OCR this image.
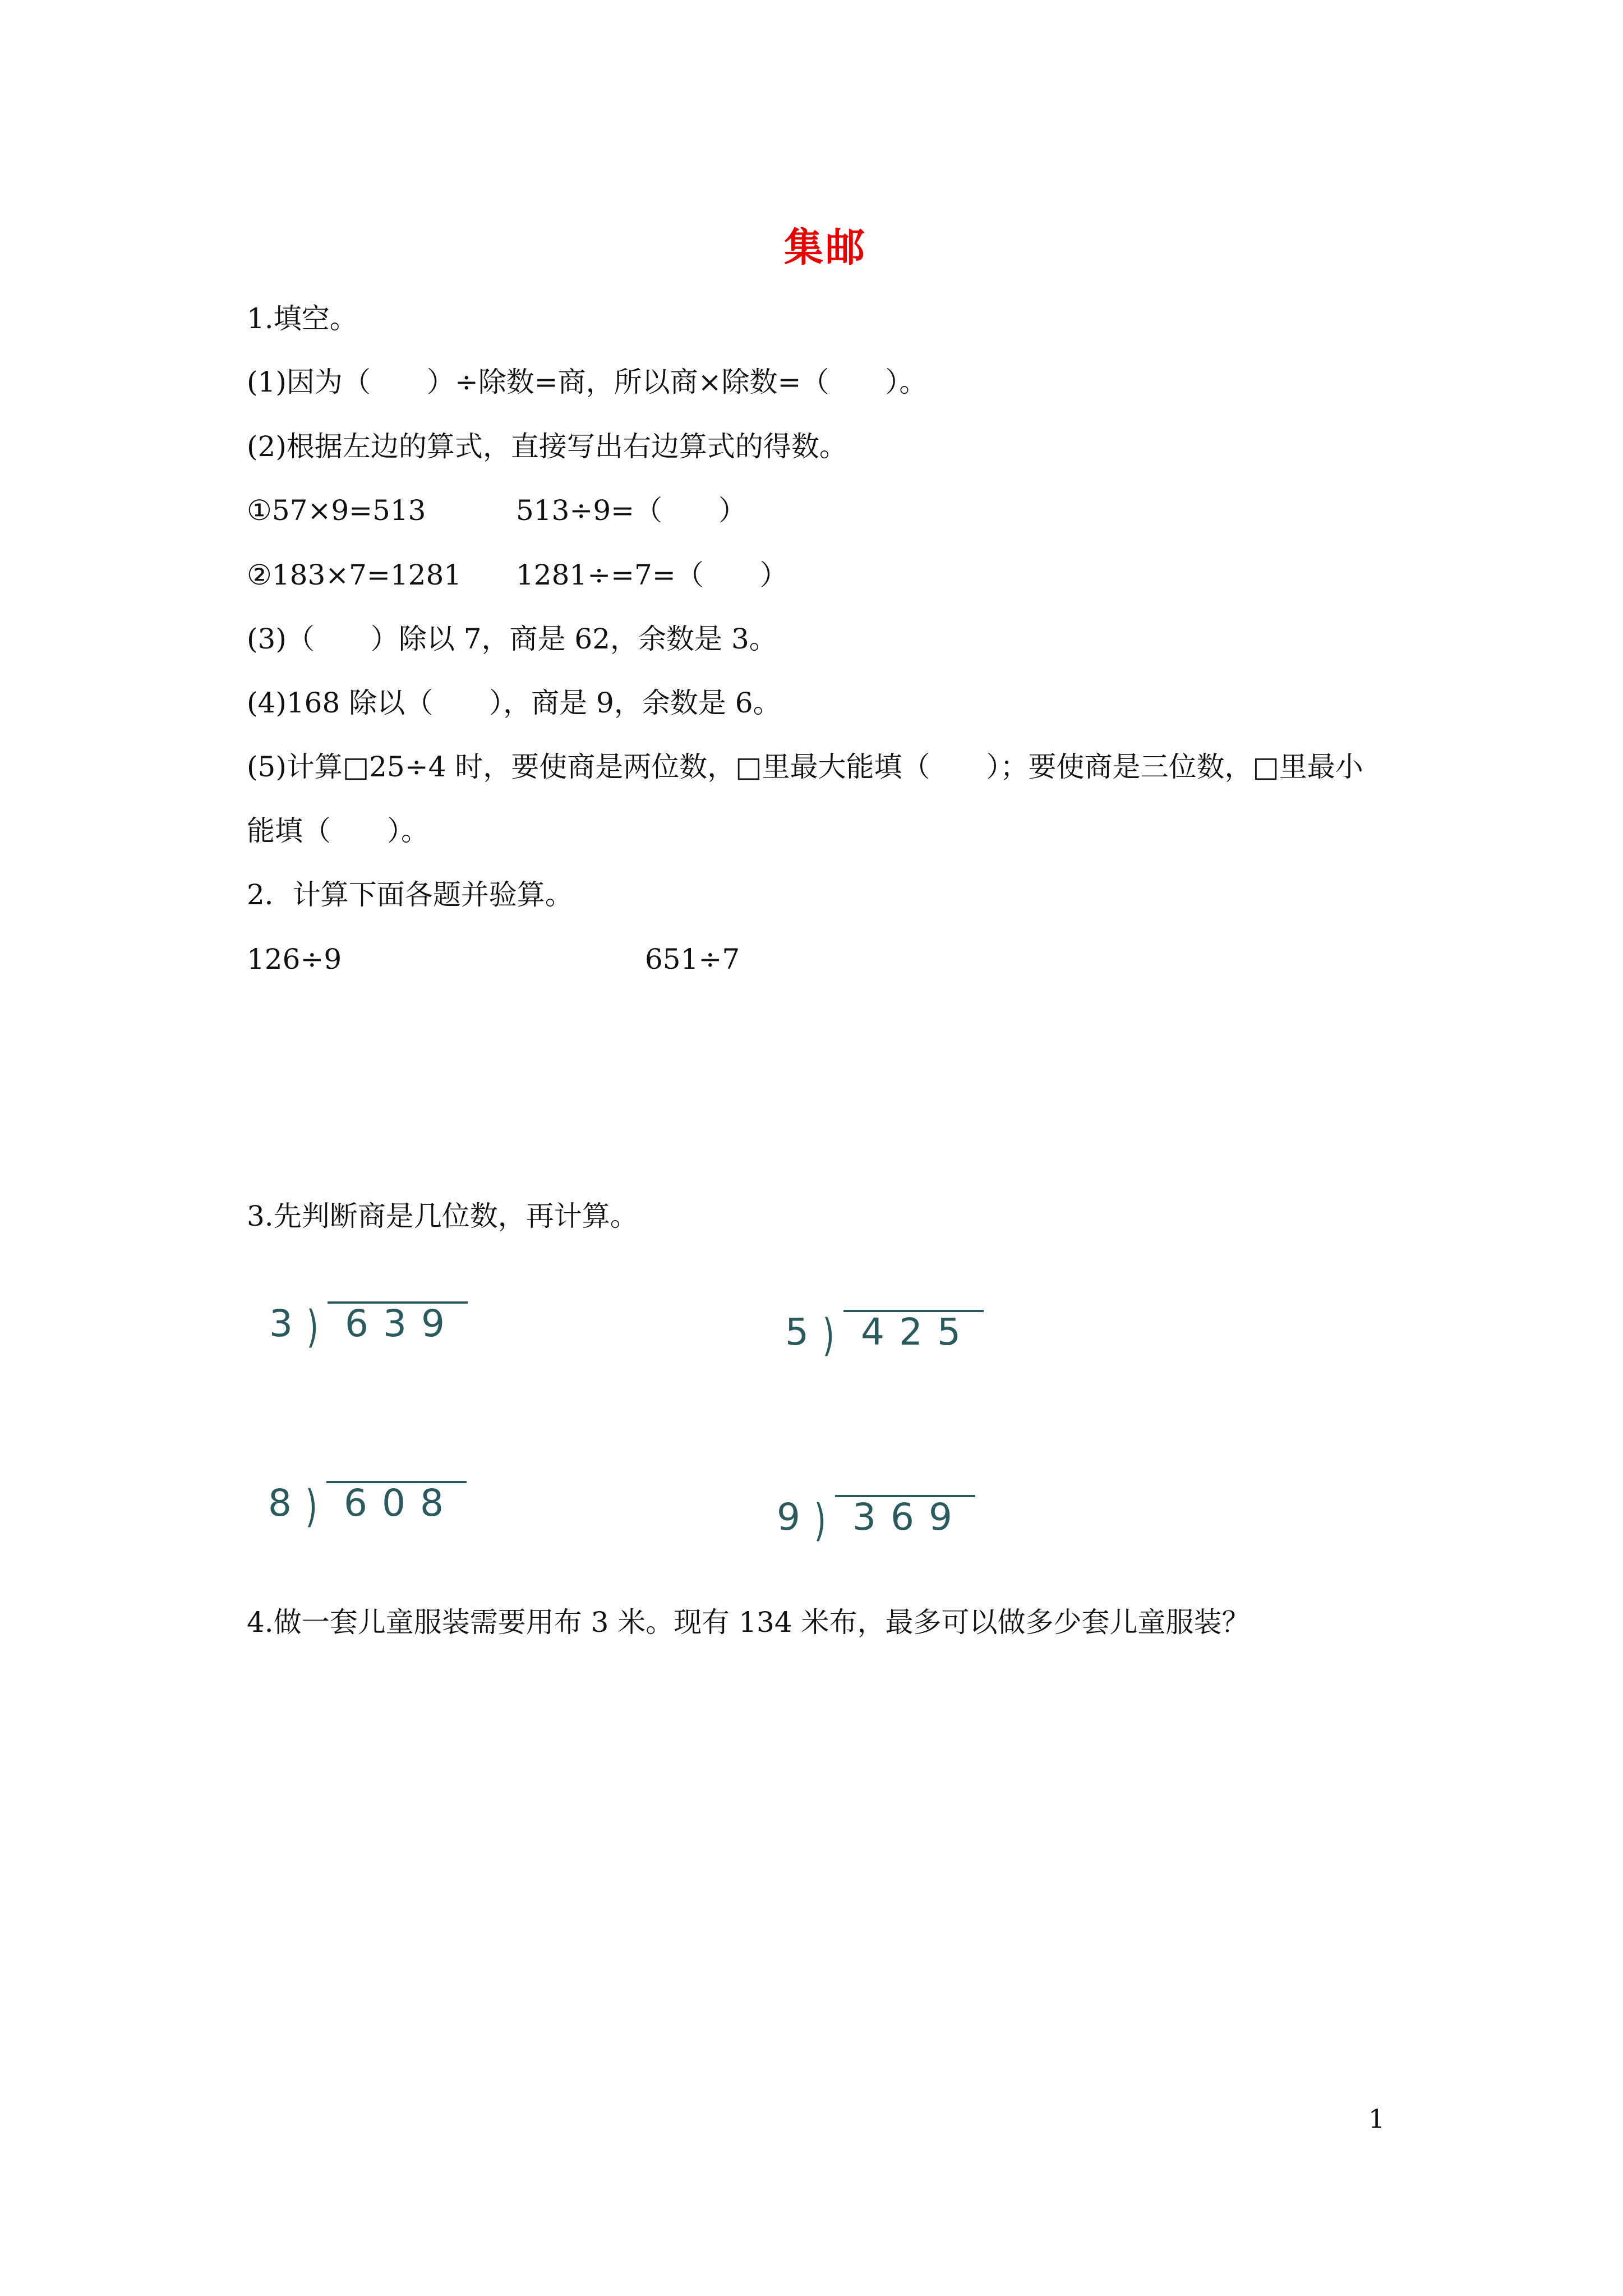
集邮
1.填空。
(1)因为（　　）÷除数=商，所以商×除数=（　　）。
(2)根据左边的算式，直接写出右边算式的得数。
①57×9=513	513÷9=（　　）
②183×7=1281 1281÷=7=（　　）
(3)（　　）除以 7，商是 62，余数是 3。
(4)168 除以（　　），商是 9，余数是 6。
(5)计算□25÷4 时，要使商是两位数，□里最大能填（　　）；要使商是三位数，□里最小
能填（　　）。
2．计算下面各题并验算。
126÷9	651÷7
3.先判断商是几位数，再计算。
3 ) 639	5 ) 425
8 ) 608	9 ) 369
4.做一套儿童服装需要用布 3 米。现有 134 米布，最多可以做多少套儿童服装？
1
